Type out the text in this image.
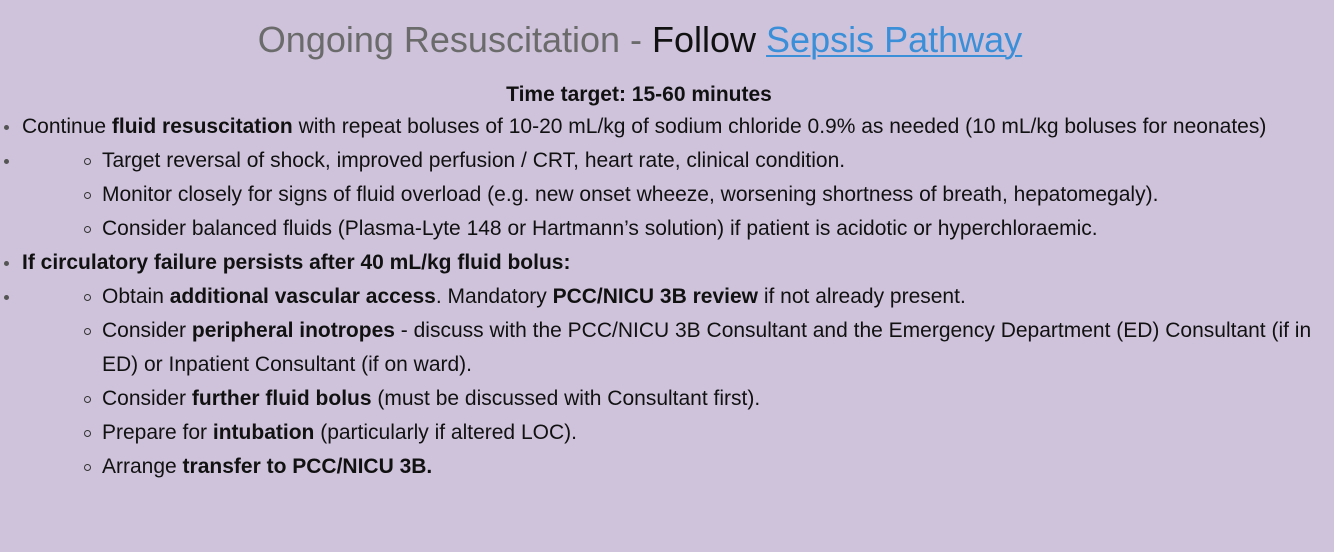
Ongoing Resuscitation - Follow Sepsis Pathway
Time target: 15-60 minutes
Continue fluid resuscitation with repeat boluses of 10-20 mL/kg of sodium chloride 0.9% as needed (10 mL/kg boluses for neonates)
Target reversal of shock, improved perfusion / CRT, heart rate, clinical condition.
Monitor closely for signs of fluid overload (e.g. new onset wheeze, worsening shortness of breath, hepatomegaly).
Consider balanced fluids (Plasma-Lyte 148 or Hartmann’s solution) if patient is acidotic or hyperchloraemic.
If circulatory failure persists after 40 mL/kg fluid bolus:
Obtain additional vascular access. Mandatory PCC/NICU 3B review if not already present.
Consider peripheral inotropes - discuss with the PCC/NICU 3B Consultant and the Emergency Department (ED) Consultant (if in ED) or Inpatient Consultant (if on ward).
Consider further fluid bolus (must be discussed with Consultant first).
Prepare for intubation (particularly if altered LOC).
Arrange transfer to PCC/NICU 3B.
